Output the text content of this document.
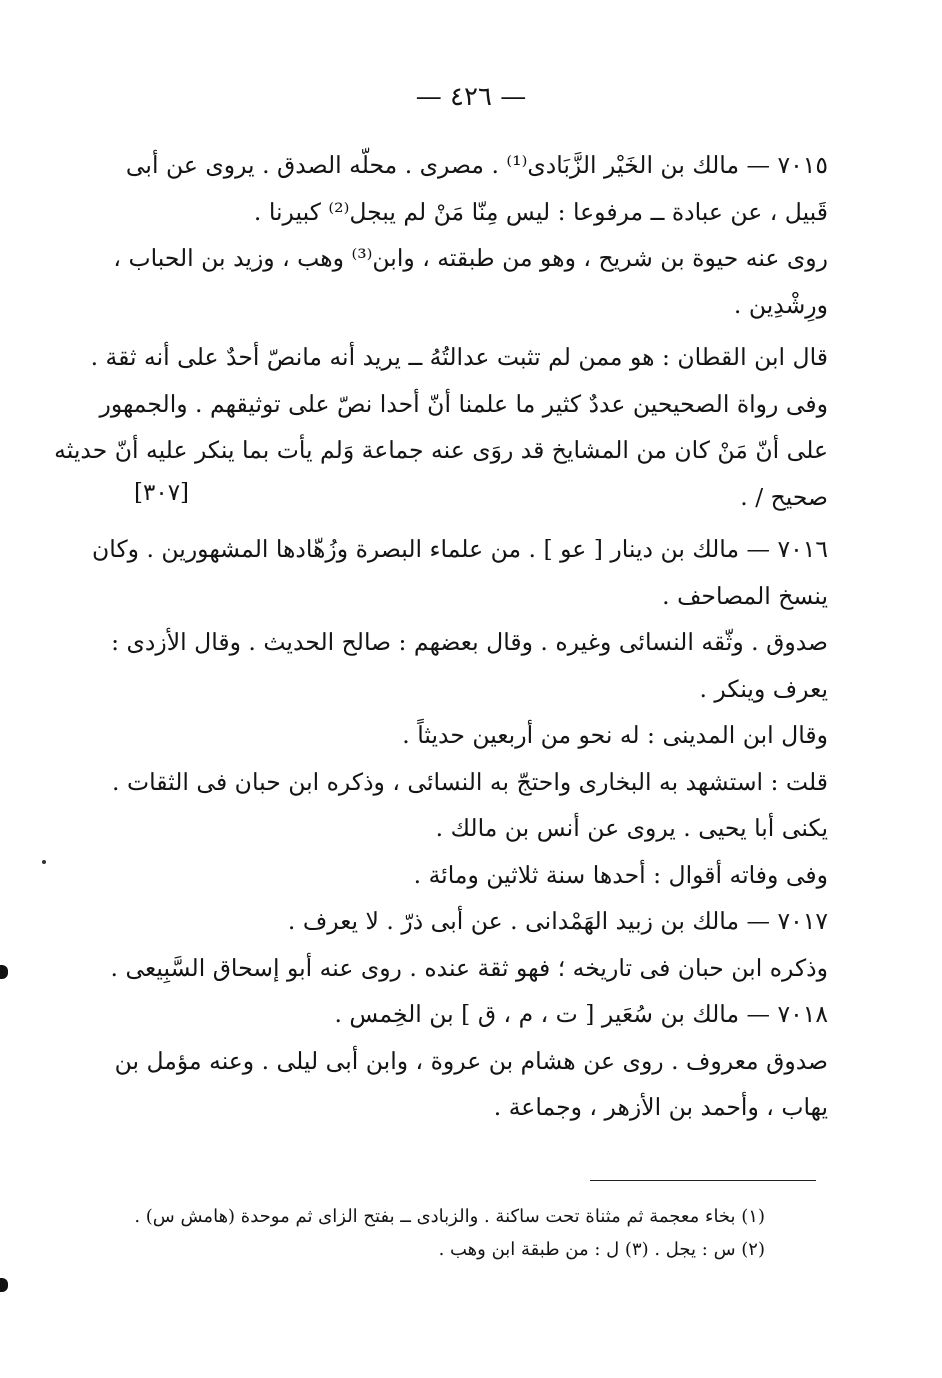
— ٤٢٦ —
٧٠١٥ — مالك بن الخَيْر الزَّبَادى⁽¹⁾ . مصرى . محلّه الصدق . يروى عن أبى
قَبيل ، عن عبادة ــ مرفوعا : ليس مِنّا مَنْ لم يبجل⁽²⁾ كبيرنا .
روى عنه حيوة بن شريح ، وهو من طبقته ، وابن⁽³⁾ وهب ، وزيد بن الحباب ،
ورِشْدِين .
قال ابن القطان : هو ممن لم تثبت عدالتُهُ ــ يريد أنه مانصّ أحدٌ على أنه ثقة .
وفى رواة الصحيحين عددٌ كثير ما علمنا أنّ أحدا نصّ على توثيقهم . والجمهور
على أنّ مَنْ كان من المشايخ قد روَى عنه جماعة وَلم يأت بما ينكر عليه أنّ حديثه
صحيح / .
٧٠١٦ — مالك بن دينار [ عو ] . من علماء البصرة وزُهّادها المشهورين . وكان
ينسخ المصاحف .
صدوق . وثّقه النسائى وغيره . وقال بعضهم : صالح الحديث . وقال الأزدى :
يعرف وينكر .
وقال ابن المدينى : له نحو من أربعين حديثاً .
قلت : استشهد به البخارى واحتجّ به النسائى ، وذكره ابن حبان فى الثقات .
يكنى أبا يحيى . يروى عن أنس بن مالك .
وفى وفاته أقوال : أحدها سنة ثلاثين ومائة .
٧٠١٧ — مالك بن زبيد الهَمْدانى . عن أبى ذرّ . لا يعرف .
وذكره ابن حبان فى تاريخه ؛ فهو ثقة عنده . روى عنه أبو إسحاق السَّبِيعى .
٧٠١٨ — مالك بن سُعَير [ ت ، م ، ق ] بن الخِمس .
صدوق معروف . روى عن هشام بن عروة ، وابن أبى ليلى . وعنه مؤمل بن
يهاب ، وأحمد بن الأزهر ، وجماعة .
[٣٠٧]
(١) بخاء معجمة ثم مثناة تحت ساكنة . والزبادى ــ بفتح الزاى ثم موحدة (هامش س) .
(٢) س : يجل . (٣) ل : من طبقة ابن وهب .
